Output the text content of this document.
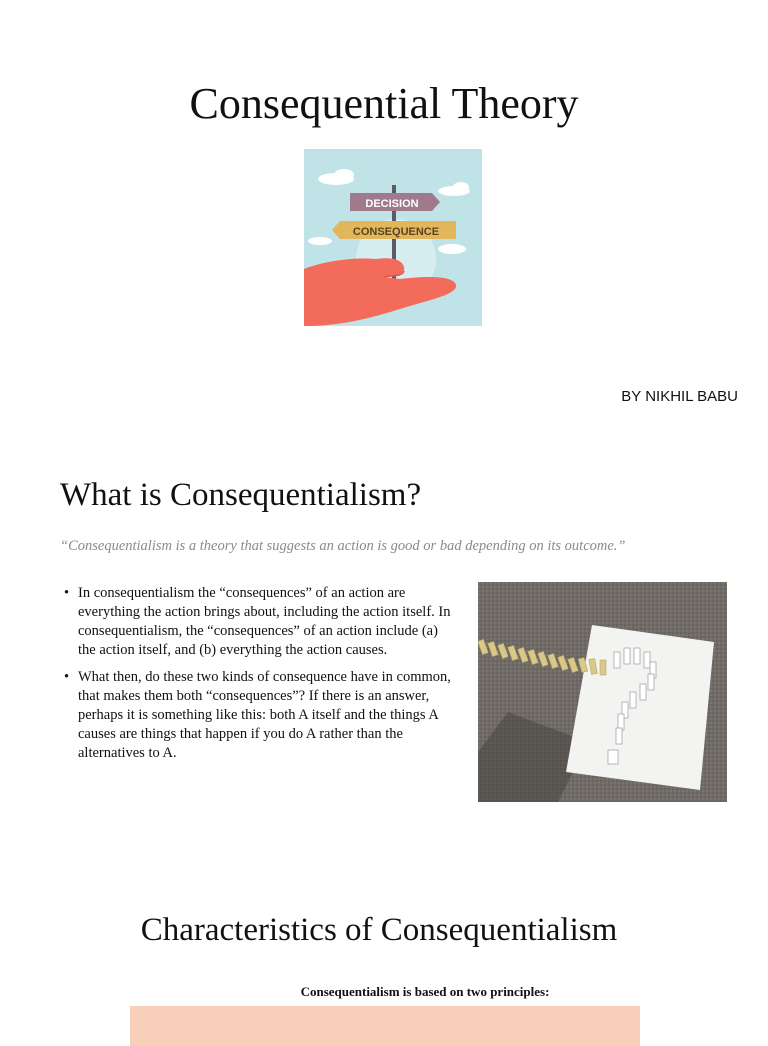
Consequential Theory
DECISION
CONSEQUENCE
BY NIKHIL BABU
What is Consequentialism?
“Consequentialism is a theory that suggests an action is good or bad depending on its outcome.”
• In consequentialism the “consequences” of an action are everything the action brings about, including the action itself. In consequentialism, the “consequences” of an action include (a) the action itself, and (b) everything the action causes.
• What then, do these two kinds of consequence have in common, that makes them both “consequences”? If there is an answer, perhaps it is something like this: both A itself and the things A causes are things that happen if you do A rather than the alternatives to A.
Characteristics of Consequentialism
Consequentialism is based on two principles:
